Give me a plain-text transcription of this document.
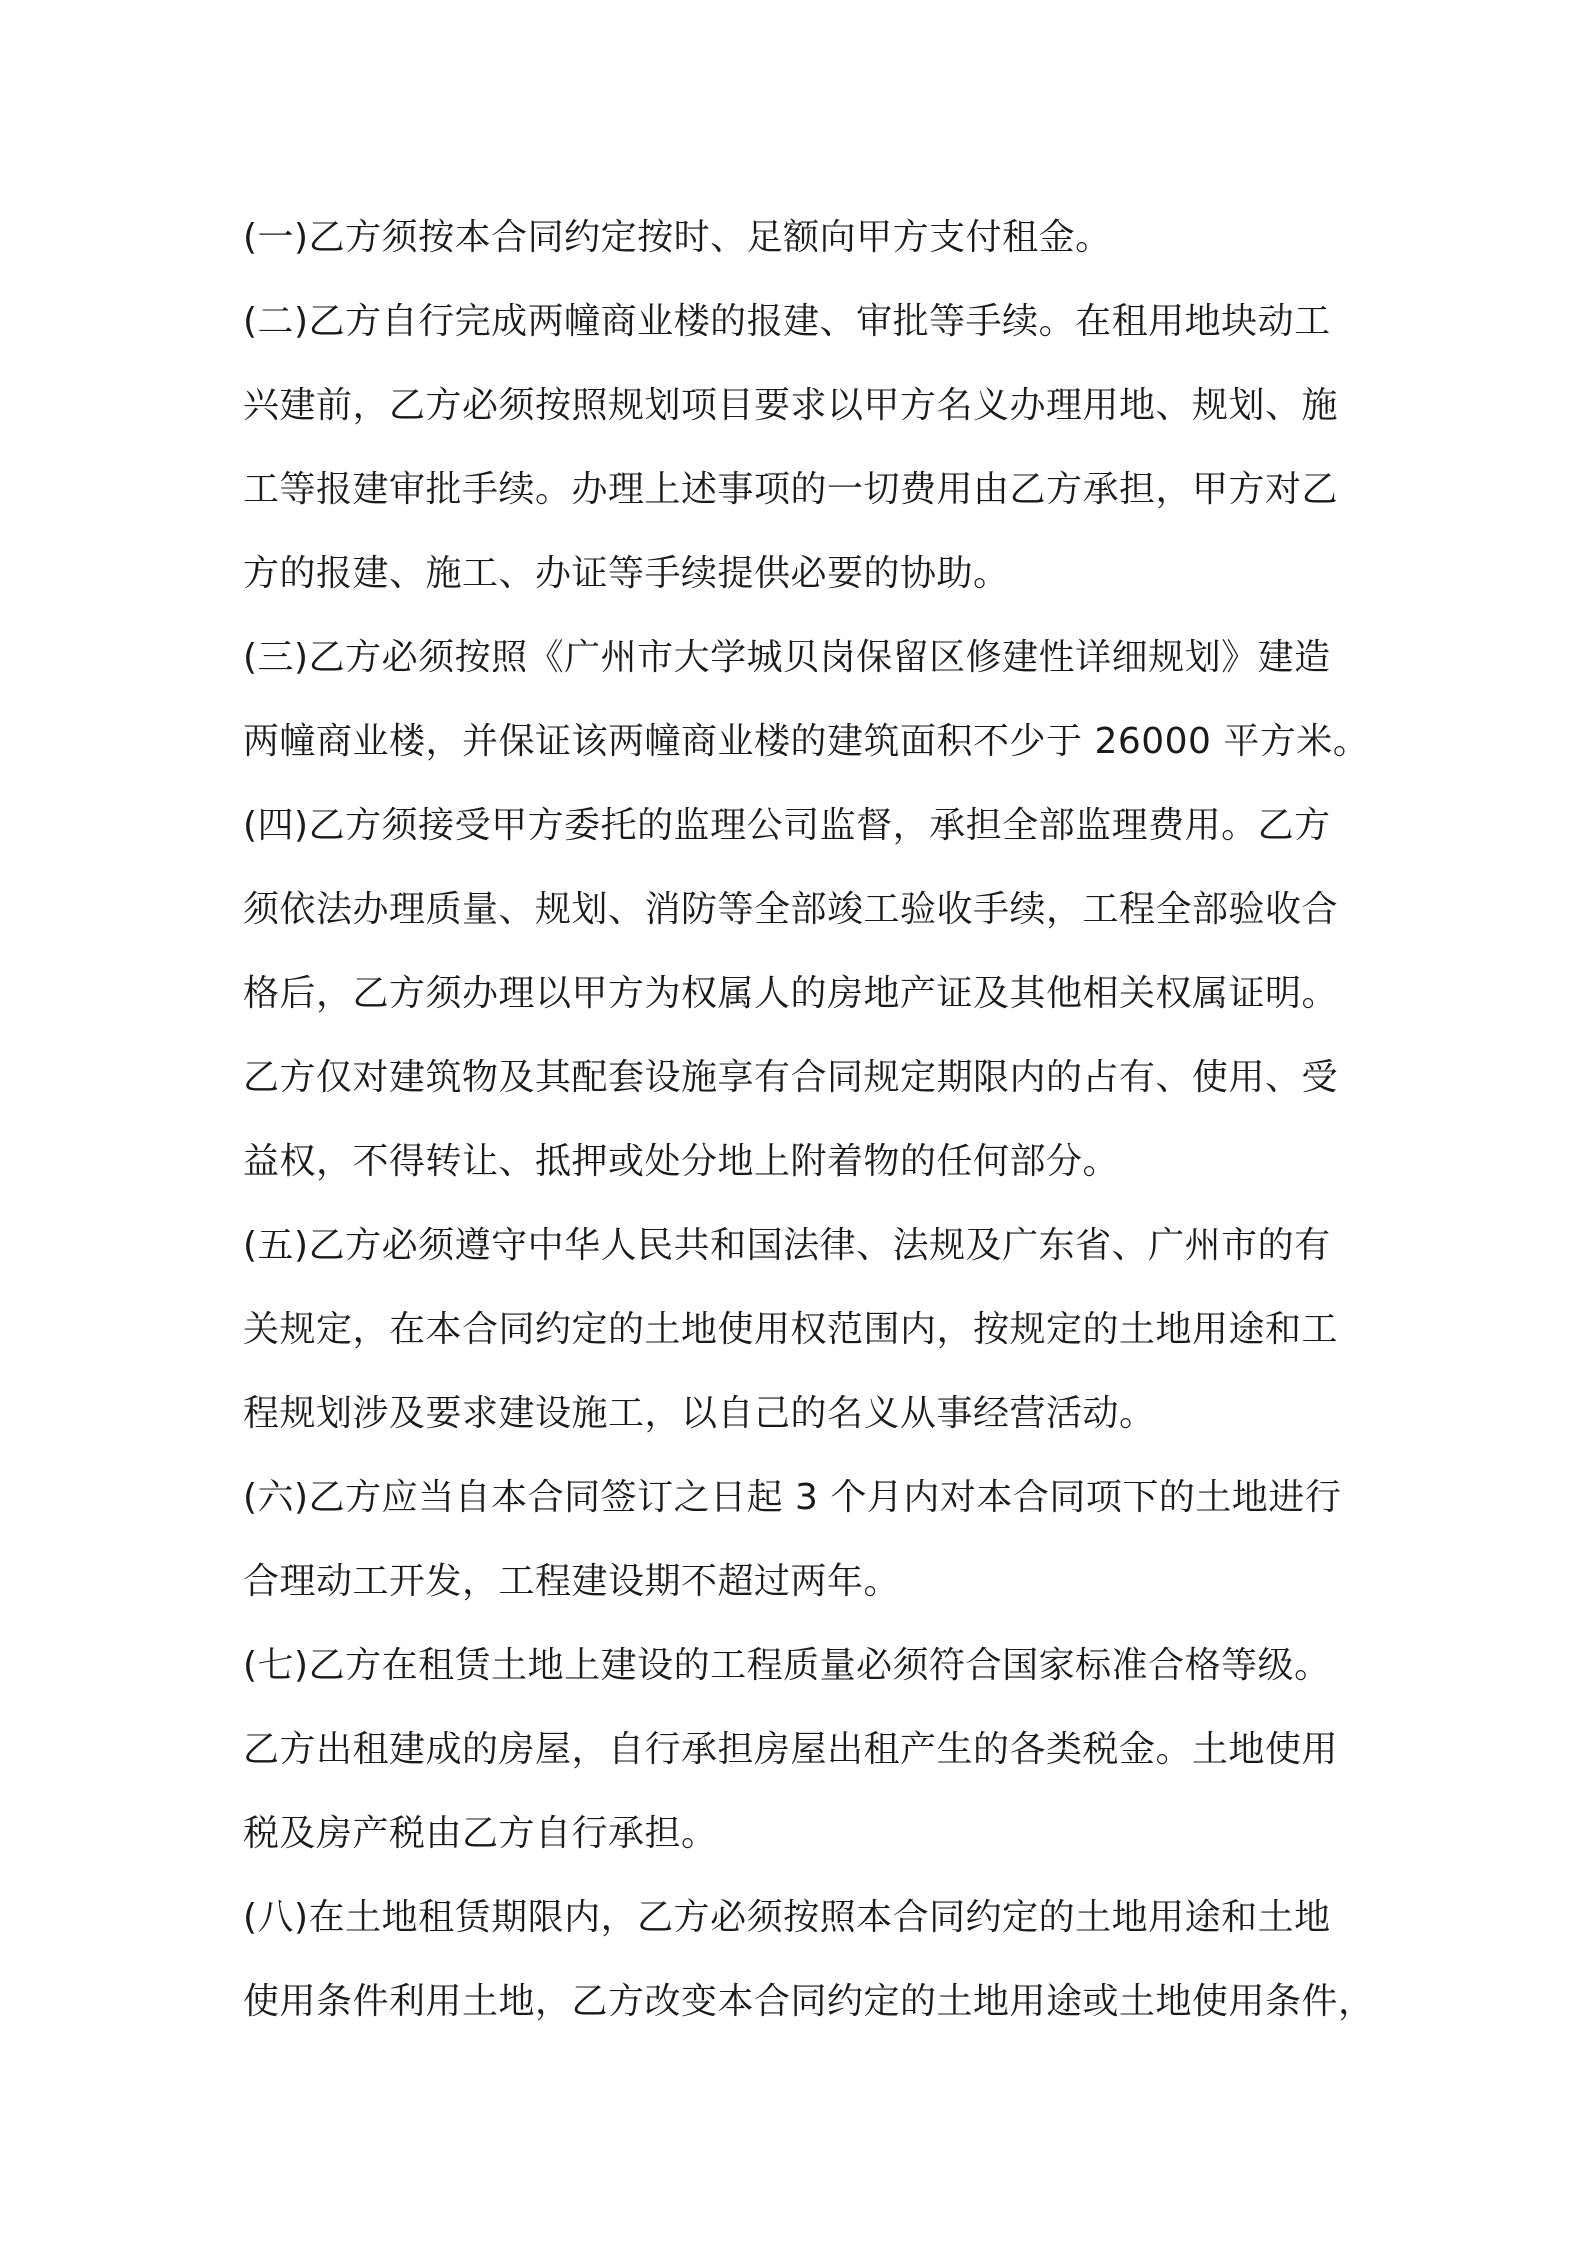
(一)乙方须按本合同约定按时、足额向甲方支付租金。
(二)乙方自行完成两幢商业楼的报建、审批等手续。在租用地块动工
兴建前，乙方必须按照规划项目要求以甲方名义办理用地、规划、施
工等报建审批手续。办理上述事项的一切费用由乙方承担，甲方对乙
方的报建、施工、办证等手续提供必要的协助。
(三)乙方必须按照《广州市大学城贝岗保留区修建性详细规划》建造
两幢商业楼，并保证该两幢商业楼的建筑面积不少于 26000 平方米。
(四)乙方须接受甲方委托的监理公司监督，承担全部监理费用。乙方
须依法办理质量、规划、消防等全部竣工验收手续，工程全部验收合
格后，乙方须办理以甲方为权属人的房地产证及其他相关权属证明。
乙方仅对建筑物及其配套设施享有合同规定期限内的占有、使用、受
益权，不得转让、抵押或处分地上附着物的任何部分。
(五)乙方必须遵守中华人民共和国法律、法规及广东省、广州市的有
关规定，在本合同约定的土地使用权范围内，按规定的土地用途和工
程规划涉及要求建设施工，以自己的名义从事经营活动。
(六)乙方应当自本合同签订之日起 3 个月内对本合同项下的土地进行
合理动工开发，工程建设期不超过两年。
(七)乙方在租赁土地上建设的工程质量必须符合国家标准合格等级。
乙方出租建成的房屋，自行承担房屋出租产生的各类税金。土地使用
税及房产税由乙方自行承担。
(八)在土地租赁期限内，乙方必须按照本合同约定的土地用途和土地
使用条件利用土地，乙方改变本合同约定的土地用途或土地使用条件，
